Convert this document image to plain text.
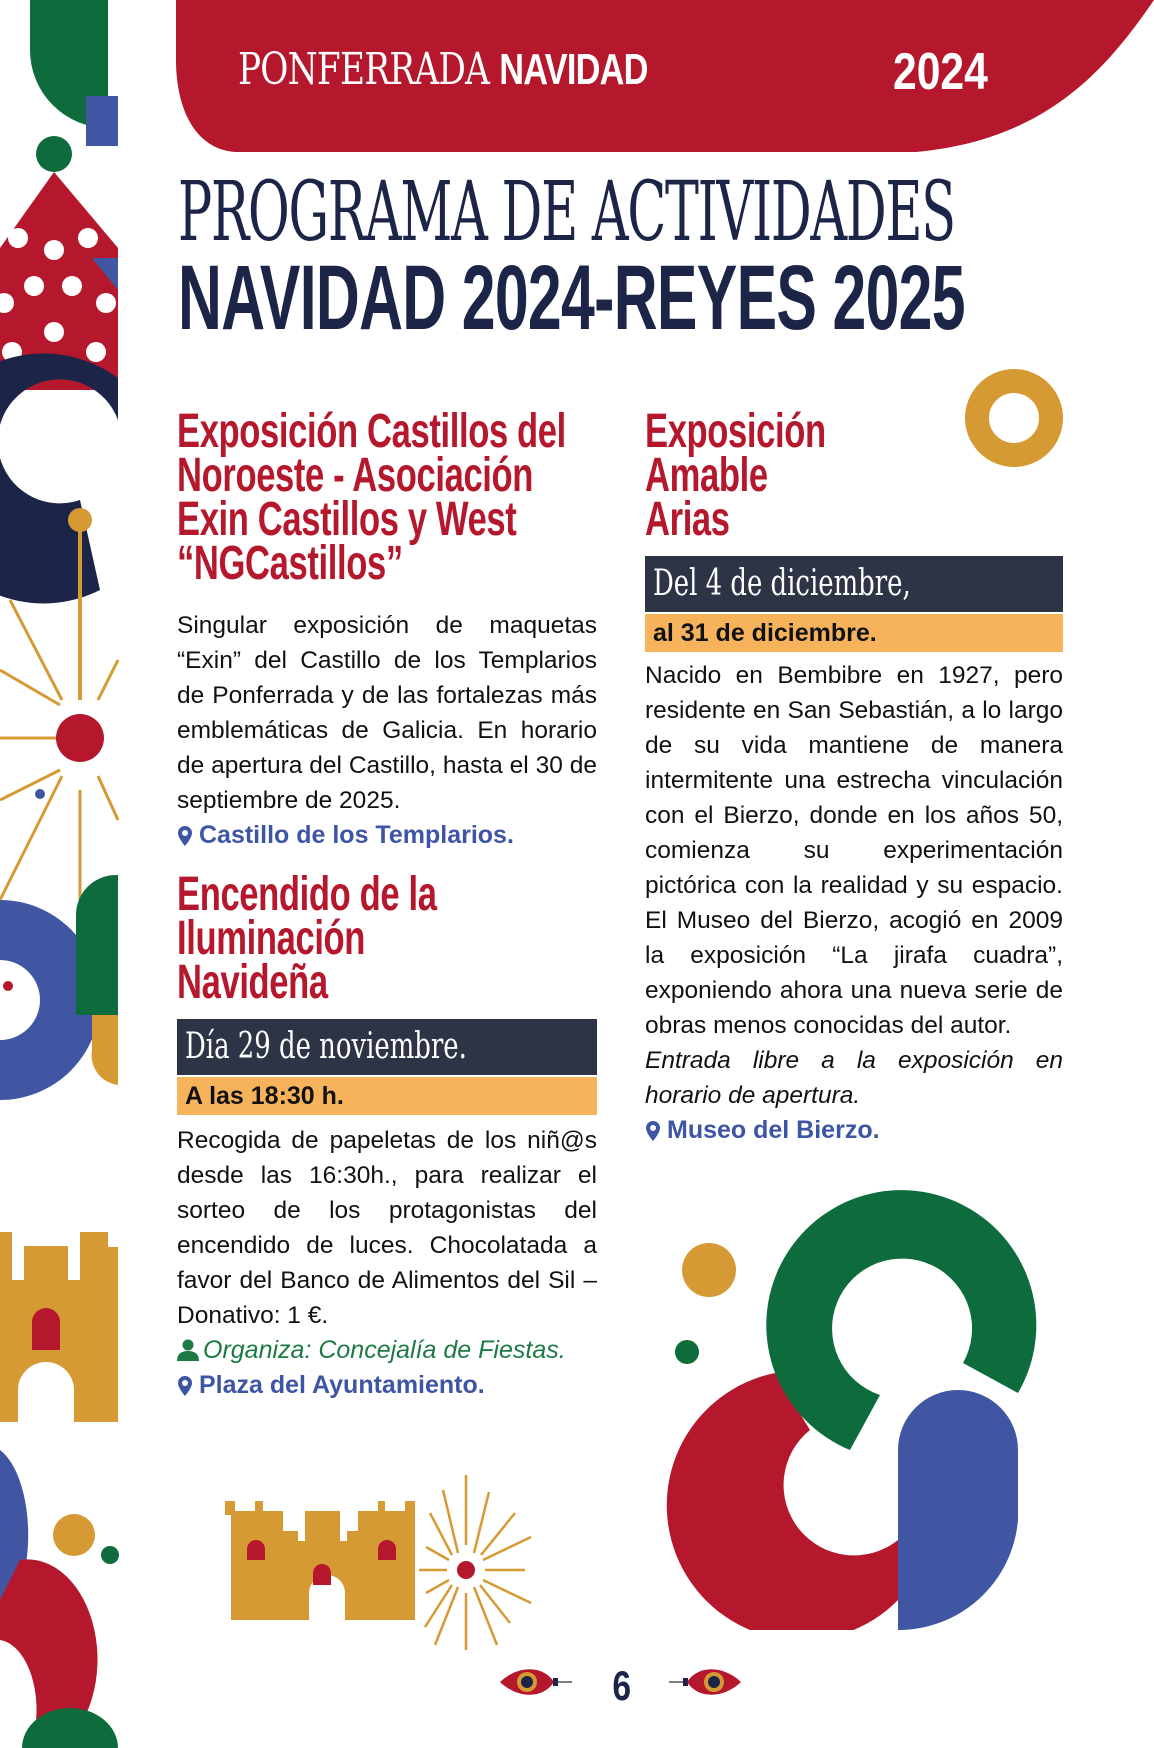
PONFERRADA NAVIDAD	2024
PROGRAMA DE ACTIVIDADES
NAVIDAD 2024-REYES 2025
Exposición Castillos del Noroeste - Asociación Exin Castillos y West “NGCastillos”

Singular exposición de maquetas “Exin” del Castillo de los Templarios de Ponferrada y de las fortalezas más emblemáticas de Galicia. En horario de apertura del Castillo, hasta el 30 de septiembre de 2025.

Castillo de los Templarios.
Encendido de la Iluminación Navideña
Día 29 de noviembre.
A las 18:30 h.

Recogida de papeletas de los niñ@s desde las 16:30h., para realizar el sorteo de los protagonistas del encendido de luces. Chocolatada a favor del Banco de Alimentos del Sil – Donativo: 1 €.

Organiza: Concejalía de Fiestas.
Plaza del Ayuntamiento.
Exposición Amable Arias
Del 4 de diciembre,
al 31 de diciembre.

Nacido en Bembibre en 1927, pero residente en San Sebastián, a lo largo de su vida mantiene de manera intermitente una estrecha vinculación con el Bierzo, donde en los años 50, comienza su experimentación pictórica con la realidad y su espacio. El Museo del Bierzo, acogió en 2009 la exposición “La jirafa cuadra”, exponiendo ahora una nueva serie de obras menos conocidas del autor.

Entrada libre a la exposición en horario de apertura.

Museo del Bierzo.
6
